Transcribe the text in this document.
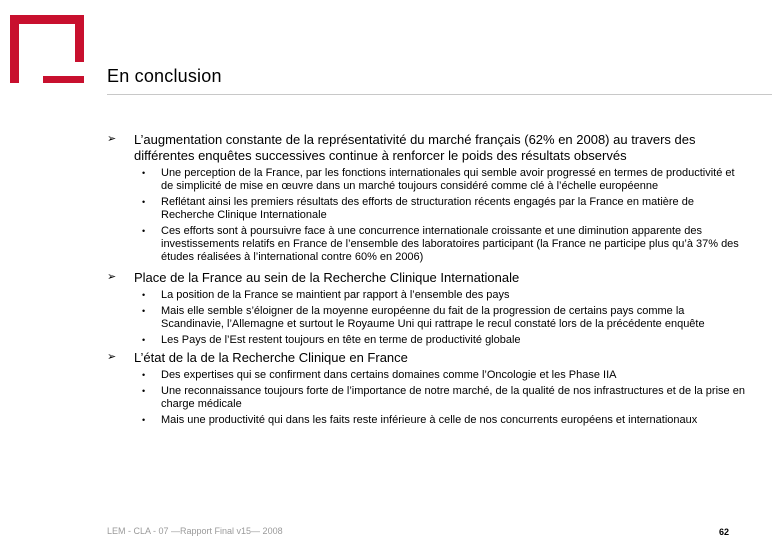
En conclusion
➢ L’augmentation constante de la représentativité du marché français (62% en 2008) au travers des différentes enquêtes successives continue à renforcer le poids des résultats observés
• Une perception de la France, par les fonctions internationales qui semble avoir progressé en termes de productivité et de simplicité de mise en œuvre dans un marché toujours considéré comme clé à l’échelle européenne
• Reflétant ainsi les premiers résultats des efforts de structuration récents engagés par la France en matière de Recherche Clinique Internationale
• Ces efforts sont à poursuivre face à une concurrence internationale croissante et une diminution apparente des investissements relatifs en France de l’ensemble des laboratoires participant (la France ne participe plus qu’à 37% des études réalisées à l’international contre 60% en 2006)
➢ Place de la France au sein de la Recherche Clinique Internationale
• La position de la France se maintient par rapport à l’ensemble des pays
• Mais elle semble s’éloigner de la moyenne européenne du fait de la progression de certains pays comme la Scandinavie, l’Allemagne et surtout le Royaume Uni qui rattrape le recul constaté lors de la précédente enquête
• Les Pays de l’Est restent toujours en tête en terme de productivité globale
➢ L’état de la de la Recherche Clinique en France
• Des expertises qui se confirment dans certains domaines comme l’Oncologie et les Phase IIA
• Une reconnaissance toujours forte de l’importance de notre marché, de la qualité de nos infrastructures et de la prise en charge médicale
• Mais une productivité qui dans les faits reste inférieure à celle de nos concurrents européens et internationaux
LEM - CLA - 07 —Rapport Final v15— 2008	62
